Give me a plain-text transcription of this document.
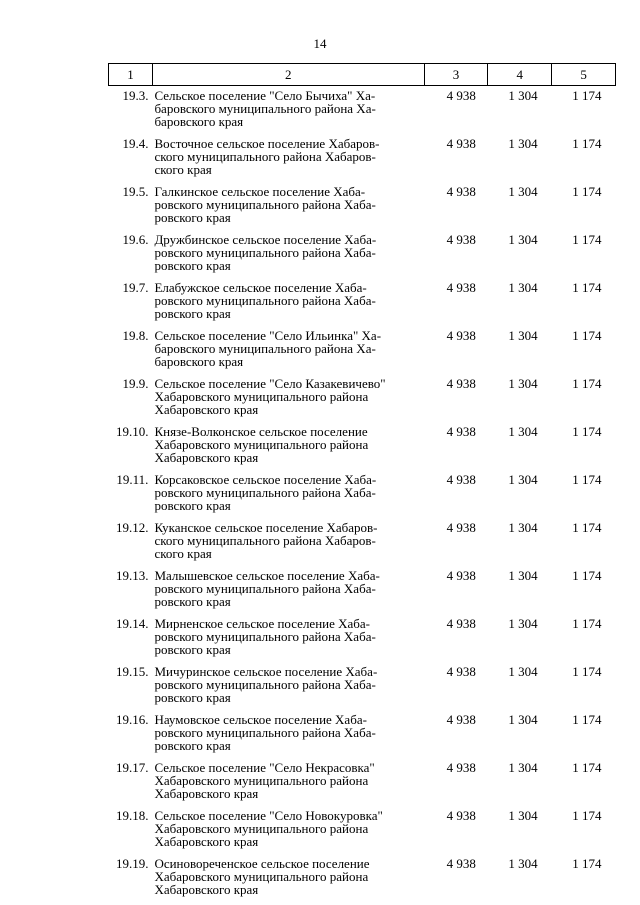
14
1	2	3	4	5
19.3.	Сельское поселение "Село Бычиха" Ха-
баровского муниципального района Ха-
баровского края	4 938	1 304	1 174
19.4.	Восточное сельское поселение Хабаров-
ского муниципального района Хабаров-
ского края	4 938	1 304	1 174
19.5.	Галкинское сельское поселение Хаба-
ровского муниципального района Хаба-
ровского края	4 938	1 304	1 174
19.6.	Дружбинское сельское поселение Хаба-
ровского муниципального района Хаба-
ровского края	4 938	1 304	1 174
19.7.	Елабужское сельское поселение Хаба-
ровского муниципального района Хаба-
ровского края	4 938	1 304	1 174
19.8.	Сельское поселение "Село Ильинка" Ха-
баровского муниципального района Ха-
баровского края	4 938	1 304	1 174
19.9.	Сельское поселение "Село Казакевичево"
Хабаровского муниципального района
Хабаровского края	4 938	1 304	1 174
19.10.	Князе-Волконское сельское поселение
Хабаровского муниципального района
Хабаровского края	4 938	1 304	1 174
19.11.	Корсаковское сельское поселение Хаба-
ровского муниципального района Хаба-
ровского края	4 938	1 304	1 174
19.12.	Куканское сельское поселение Хабаров-
ского муниципального района Хабаров-
ского края	4 938	1 304	1 174
19.13.	Малышевское сельское поселение Хаба-
ровского муниципального района Хаба-
ровского края	4 938	1 304	1 174
19.14.	Мирненское сельское поселение Хаба-
ровского муниципального района Хаба-
ровского края	4 938	1 304	1 174
19.15.	Мичуринское сельское поселение Хаба-
ровского муниципального района Хаба-
ровского края	4 938	1 304	1 174
19.16.	Наумовское сельское поселение Хаба-
ровского муниципального района Хаба-
ровского края	4 938	1 304	1 174
19.17.	Сельское поселение "Село Некрасовка"
Хабаровского муниципального района
Хабаровского края	4 938	1 304	1 174
19.18.	Сельское поселение "Село Новокуровка"
Хабаровского муниципального района
Хабаровского края	4 938	1 304	1 174
19.19.	Осиновореченское сельское поселение
Хабаровского муниципального района
Хабаровского края	4 938	1 304	1 174
